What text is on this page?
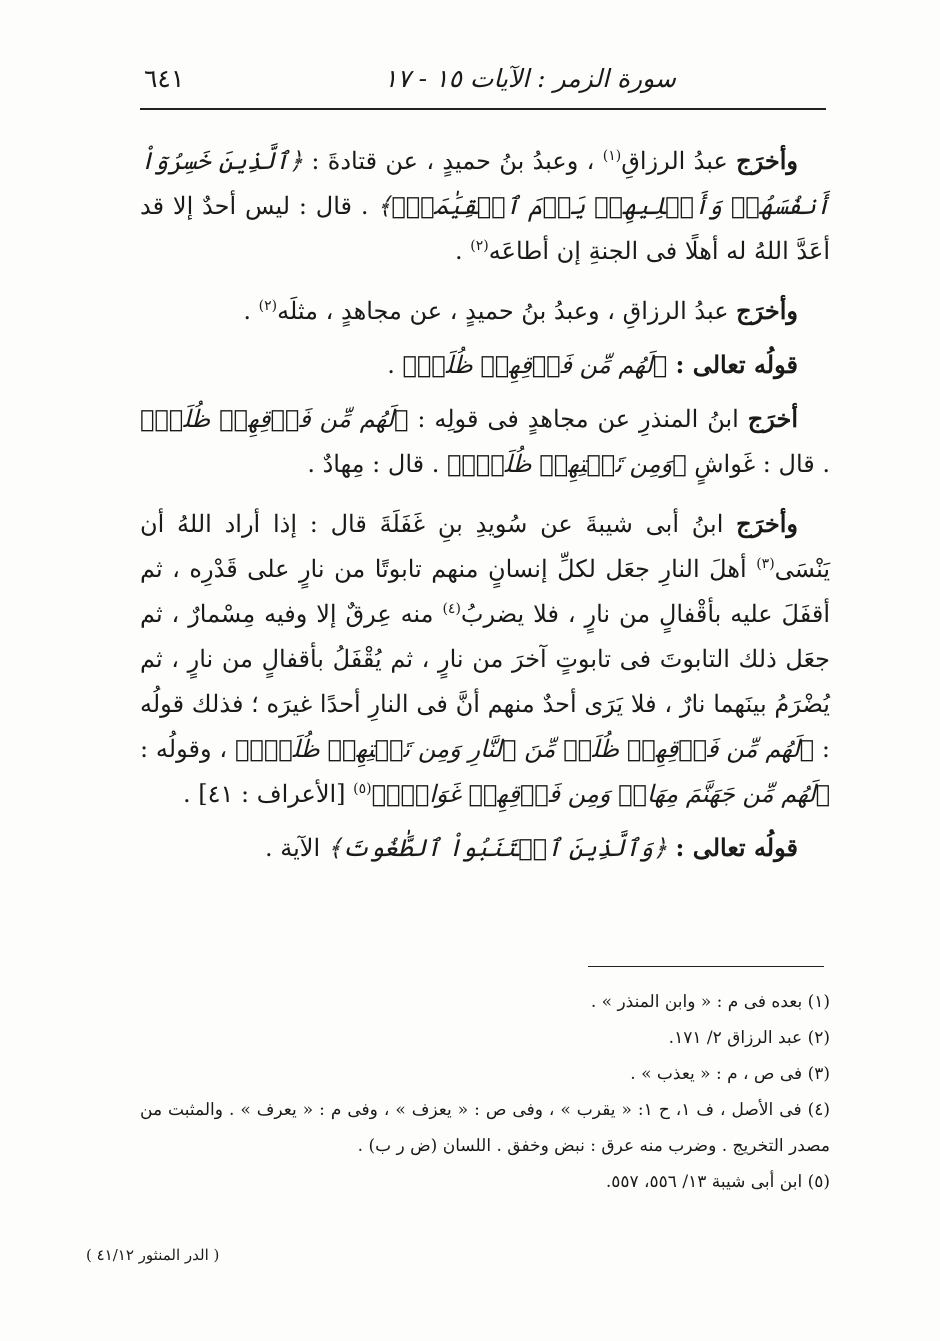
سورة الزمر : الآيات ١٥ - ١٧
٦٤١

وأخرَج عبدُ الرزاقِ$^{(١)}$ ، وعبدُ بنُ حميدٍ ، عن قتادةَ : ﴿ٱلَّذِينَ خَسِرُوٓاْ أَنفُسَهُمۡ وَأَهۡلِيهِمۡ يَوۡمَ ٱلۡقِيَٰمَةِۗ﴾ . قال : ليس أحدٌ إلا قد أعَدَّ اللهُ له أهلًا فى الجنةِ إن أطاعَه$^{(٢)}$ .

وأخرَج عبدُ الرزاقِ ، وعبدُ بنُ حميدٍ ، عن مجاهدٍ ، مثلَه$^{(٢)}$ .

قولُه تعالى : ﴿لَهُم مِّن فَوۡقِهِمۡ ظُلَلٞ﴾ .

أخرَج ابنُ المنذرِ عن مجاهدٍ فى قولِه : ﴿لَهُم مِّن فَوۡقِهِمۡ ظُلَلٞ﴾ . قال : غَواشٍ ﴿وَمِن تَحۡتِهِمۡ ظُلَلٞۚ﴾ . قال : مِهادٌ .

وأخرَج ابنُ أبى شيبةَ عن سُويدِ بنِ غَفَلَةَ قال : إذا أراد اللهُ أن يَنْسَى$^{(٣)}$ أهلَ النارِ جعَل لكلِّ إنسانٍ منهم تابوتًا من نارٍ على قَدْرِه ، ثم أقفَلَ عليه بأقْفالٍ من نارٍ ، فلا يضربُ$^{(٤)}$ منه عِرقٌ إلا وفيه مِسْمارٌ ، ثم جعَل ذلك التابوتَ فى تابوتٍ آخرَ من نارٍ ، ثم يُقْفَلُ بأقفالٍ من نارٍ ، ثم يُضْرَمُ بينَهما نارٌ ، فلا يَرَى أحدٌ منهم أنَّ فى النارِ أحدًا غيرَه ؛ فذلك قولُه : ﴿لَهُم مِّن فَوۡقِهِمۡ ظُلَلٞ مِّنَ ٱلنَّارِ وَمِن تَحۡتِهِمۡ ظُلَلٞۚ﴾ ، وقولُه : ﴿لَهُم مِّن جَهَنَّمَ مِهَادٞ وَمِن فَوۡقِهِمۡ غَوَاشٖۚ﴾$^{(٥)}$ [الأعراف : ٤١] .

قولُه تعالى : ﴿وَٱلَّذِينَ ٱجۡتَنَبُواْ ٱلطَّٰغُوتَ﴾ الآية .

(١) بعده فى م : « وابن المنذر » .

(٢) عبد الرزاق ٢/ ١٧١.

(٣) فى ص ، م : « يعذب » .

(٤) فى الأصل ، ف ١، ح ١: « يقرب » ، وفى ص : « يعزف » ، وفى م : « يعرف » . والمثبت من مصدر التخريج . وضرب منه عرق : نبض وخفق . اللسان (ض ر ب) .

(٥) ابن أبى شيبة ١٣/ ٥٥٦، ٥٥٧.

( الدر المنثور ٤١/١٢ )
